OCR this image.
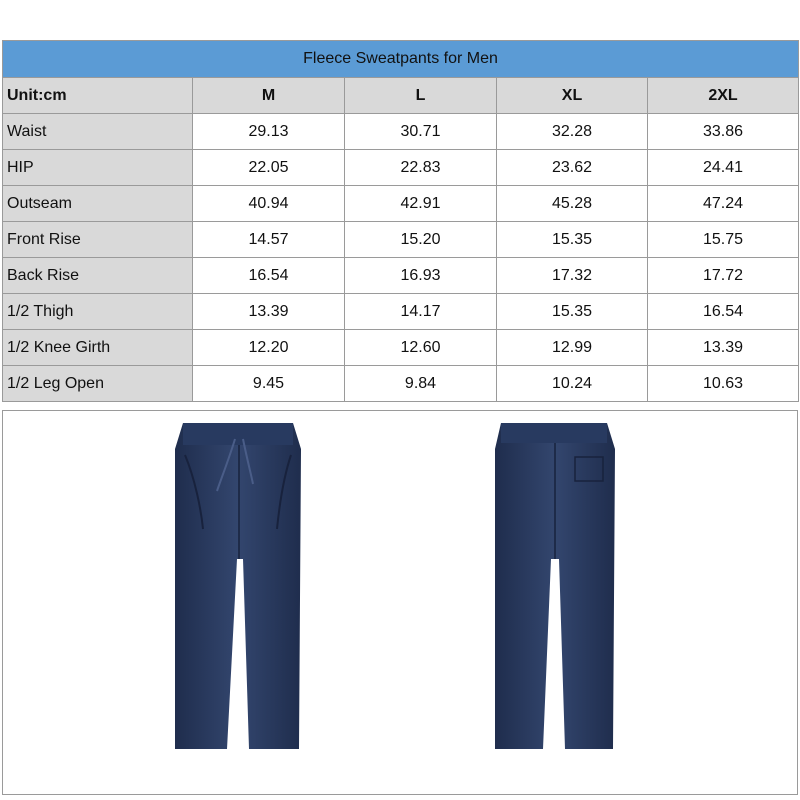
Fleece Sweatpants for Men				
Unit:cm	M	L	XL	2XL
Waist	29.13	30.71	32.28	33.86
HIP	22.05	22.83	23.62	24.41
Outseam	40.94	42.91	45.28	47.24
Front Rise	14.57	15.20	15.35	15.75
Back Rise	16.54	16.93	17.32	17.72
1/2 Thigh	13.39	14.17	15.35	16.54
1/2 Knee Girth	12.20	12.60	12.99	13.39
1/2 Leg Open	9.45	9.84	10.24	10.63
